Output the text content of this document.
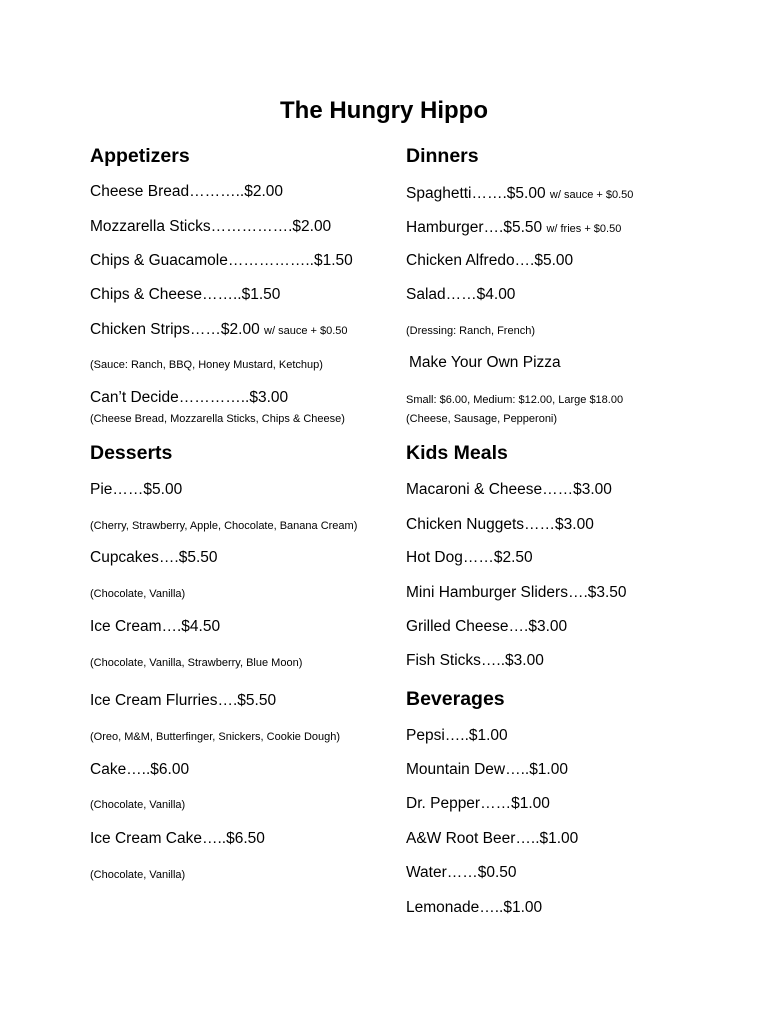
The Hungry Hippo
Appetizers
Cheese Bread………..$2.00
Mozzarella Sticks…………….$2.00
Chips & Guacamole……………..$1.50
Chips & Cheese……..$1.50
Chicken Strips……$2.00 w/ sauce + $0.50
(Sauce: Ranch, BBQ, Honey Mustard, Ketchup)
Can’t Decide…………..$3.00
(Cheese Bread, Mozzarella Sticks, Chips & Cheese)
Desserts
Pie……$5.00
(Cherry, Strawberry, Apple, Chocolate, Banana Cream)
Cupcakes….$5.50
(Chocolate, Vanilla)
Ice Cream….$4.50
(Chocolate, Vanilla, Strawberry, Blue Moon)
Ice Cream Flurries….$5.50
(Oreo, M&M, Butterfinger, Snickers, Cookie Dough)
Cake…..$6.00
(Chocolate, Vanilla)
Ice Cream Cake…..$6.50
(Chocolate, Vanilla)
Dinners
Spaghetti…….$5.00 w/ sauce + $0.50
Hamburger….$5.50 w/ fries + $0.50
Chicken Alfredo….$5.00
Salad……$4.00
(Dressing: Ranch, French)
Make Your Own Pizza
Small: $6.00, Medium: $12.00, Large $18.00
(Cheese, Sausage, Pepperoni)
Kids Meals
Macaroni & Cheese……$3.00
Chicken Nuggets……$3.00
Hot Dog……$2.50
Mini Hamburger Sliders….$3.50
Grilled Cheese….$3.00
Fish Sticks…..$3.00
Beverages
Pepsi…..$1.00
Mountain Dew…..$1.00
Dr. Pepper……$1.00
A&W Root Beer…..$1.00
Water……$0.50
Lemonade…..$1.00
